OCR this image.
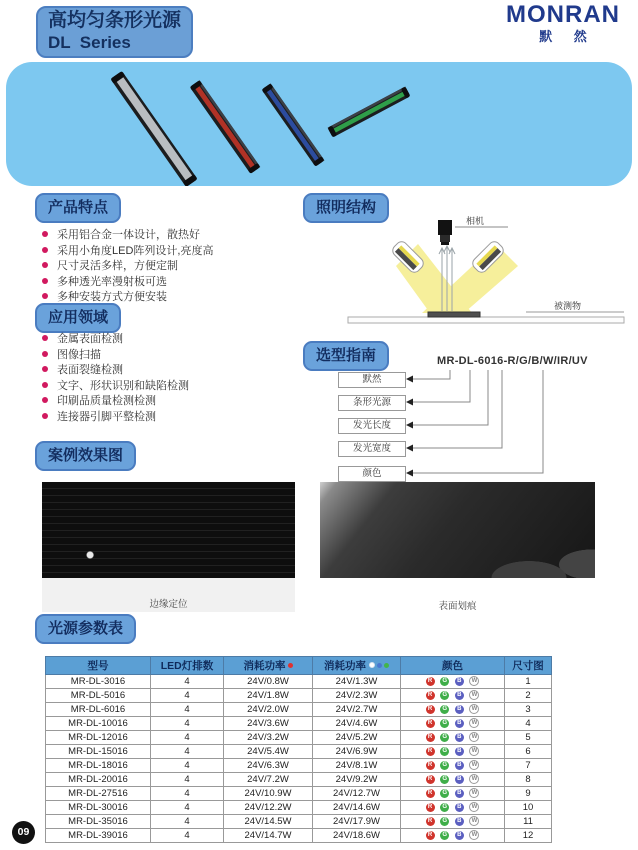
高均匀条形光源
DL  Series
MONRAN
默 然
产品特点	照明结构
应用领域
选型指南
案例效果图
光源参数表
采用铝合金一体设计，散热好
采用小角度LED阵列设计,亮度高
尺寸灵活多样，方便定制
多种透光率漫射板可选
多种安装方式方便安装
金属表面检测
图像扫描
表面裂缝检测
文字、形状识别和缺陷检测
印刷品质量检测检测
连接器引脚平整检测
相机
被测物
MR-DL-6016-R/G/B/W/IR/UV
默然
条形光源
发光长度
发光宽度
颜色
边缘定位	表面划痕
型号	LED灯排数	消耗功率	消耗功率	颜色	尺寸图
MR-DL-3016	4	24V/0.8W	24V/1.3W	R G B W	1
MR-DL-5016	4	24V/1.8W	24V/2.3W	R G B W	2
MR-DL-6016	4	24V/2.0W	24V/2.7W	R G B W	3
MR-DL-10016	4	24V/3.6W	24V/4.6W	R G B W	4
MR-DL-12016	4	24V/3.2W	24V/5.2W	R G B W	5
MR-DL-15016	4	24V/5.4W	24V/6.9W	R G B W	6
MR-DL-18016	4	24V/6.3W	24V/8.1W	R G B W	7
MR-DL-20016	4	24V/7.2W	24V/9.2W	R G B W	8
MR-DL-27516	4	24V/10.9W	24V/12.7W	R G B W	9
MR-DL-30016	4	24V/12.2W	24V/14.6W	R G B W	10
MR-DL-35016	4	24V/14.5W	24V/17.9W	R G B W	11
MR-DL-39016	4	24V/14.7W	24V/18.6W	R G B W	12
09
